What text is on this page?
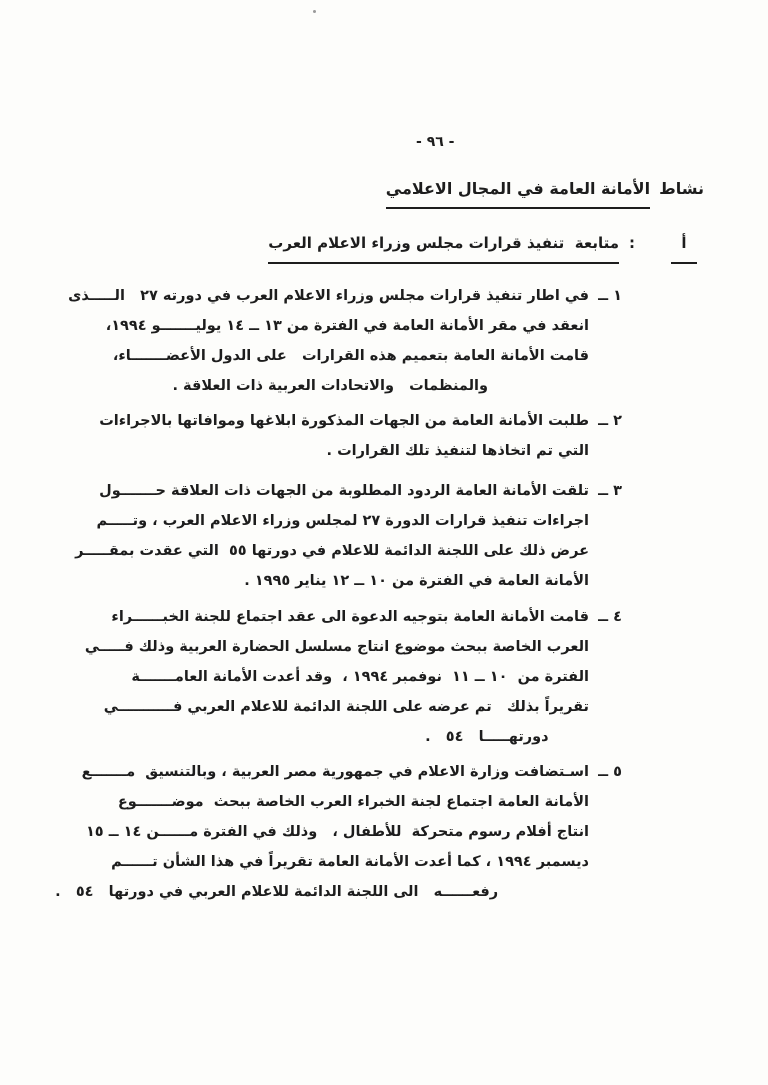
- ٩٦ -
نشاط
الأمانة العامة في المجال الاعلامي
أ
:
متابعة  تنفيذ قرارات مجلس وزراء الاعلام العرب
١ ــ
في اطار تنفيذ قرارات مجلس وزراء الاعلام العرب في دورته ٢٧   الـــــذى
انعقد في مقر الأمانة العامة في الفترة من ١٣ ــ ١٤ يوليـــــــو ١٩٩٤،
قامت الأمانة العامة بتعميم هذه القرارات   على الدول الأعضـــــــاء،
والمنظمات   والاتحادات العربية ذات العلاقة .
٢ ــ
طلبت الأمانة العامة من الجهات المذكورة ابلاغها وموافاتها بالاجراءات
التي تم اتخاذها لتنفيذ تلك القرارات .
٣ ــ
تلقت الأمانة العامة الردود المطلوبة من الجهات ذات العلاقة حـــــــول
اجراءات تنفيذ قرارات الدورة ٢٧ لمجلس وزراء الاعلام العرب ، وتـــــم
عرض ذلك على اللجنة الدائمة للاعلام في دورتها ٥٥  التي عقدت بمقـــــر
الأمانة العامة في الفترة من ١٠ ــ ١٢ يناير ١٩٩٥ .
٤ ــ
قامت الأمانة العامة بتوجيه الدعوة الى عقد اجتماع للجنة الخبــــــراء
العرب الخاصة ببحث موضوع انتاج مسلسل الحضارة العربية وذلك فـــــي
الفترة من  ١٠ ــ ١١  نوفمبر ١٩٩٤ ،  وقد أعدت الأمانة العامـــــــة
تقريراً بذلك   تم عرضه على اللجنة الدائمة للاعلام العربي فـــــــــــي
دورتهـــــا   ٥٤   .
٥ ــ
اسـتضافت وزارة الاعلام في جمهورية مصر العربية ، وبالتنسيق  مـــــــع
الأمانة العامة اجتماع لجنة الخبراء العرب الخاصة ببحث  موضـــــــوع
انتاج أفلام رسوم متحركة  للأطفال ،   وذلك في الفترة مــــــن ١٤ ــ ١٥
ديسمبر ١٩٩٤ ، كما أعدت الأمانة العامة تقريراً في هذا الشأن تــــــم
رفعــــــه   الى اللجنة الدائمة للاعلام العربي في دورتها   ٥٤   .
